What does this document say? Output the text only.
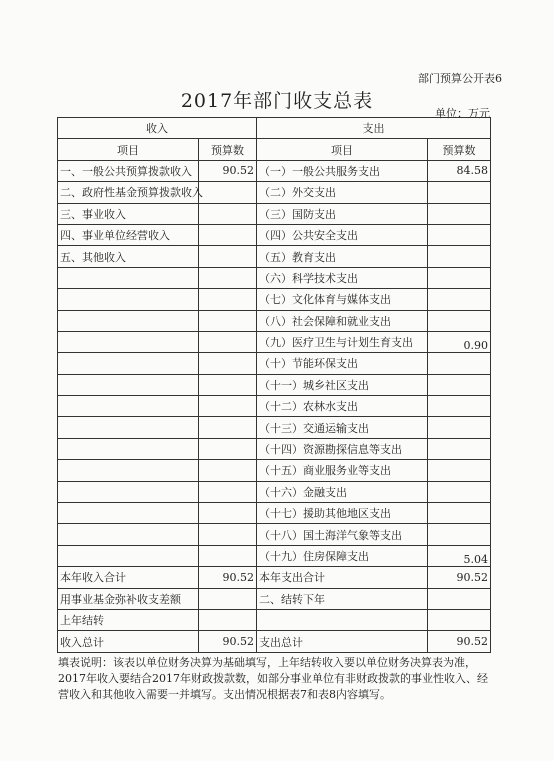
部门预算公开表6
2017年部门收支总表
单位：万元
收入		支出	
项目	预算数	项目	预算数
一、一般公共预算拨款收入	90.52	（一）一般公共服务支出	84.58
二、政府性基金预算拨款收入		（二）外交支出	
三、事业收入		（三）国防支出	
四、事业单位经营收入		（四）公共安全支出	
五、其他收入		（五）教育支出	
		（六）科学技术支出	
		（七）文化体育与媒体支出	
		（八）社会保障和就业支出	
		（九）医疗卫生与计划生育支出	0.90
		（十）节能环保支出	
		（十一）城乡社区支出	
		（十二）农林水支出	
		（十三）交通运输支出	
		（十四）资源勘探信息等支出	
		（十五）商业服务业等支出	
		（十六）金融支出	
		（十七）援助其他地区支出	
		（十八）国土海洋气象等支出	
		（十九）住房保障支出	5.04
本年收入合计	90.52	本年支出合计	90.52
用事业基金弥补收支差额		二、结转下年	
上年结转			
收入总计	90.52	支出总计	90.52
填表说明：该表以单位财务决算为基础填写，上年结转收入要以单位财务决算表为准，2017年收入要结合2017年财政拨款数，如部分事业单位有非财政拨款的事业性收入、经营收入和其他收入需要一并填写。支出情况根据表7和表8内容填写。
